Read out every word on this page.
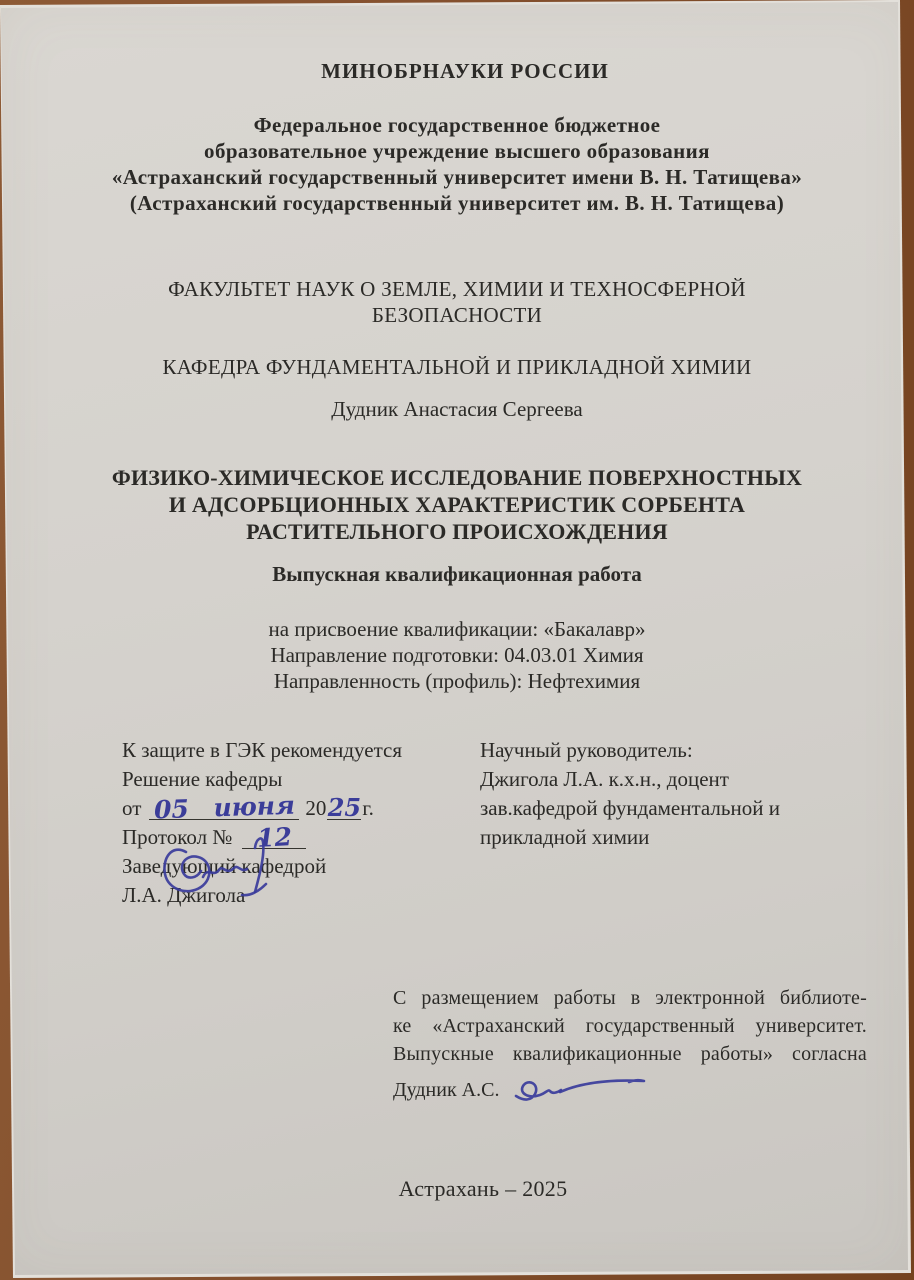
МИНОБРНАУКИ РОССИИ
Федеральное государственное бюджетное
образовательное учреждение высшего образования
«Астраханский государственный университет имени В. Н. Татищева»
(Астраханский государственный университет им. В. Н. Татищева)
ФАКУЛЬТЕТ НАУК О ЗЕМЛЕ, ХИМИИ И ТЕХНОСФЕРНОЙ
БЕЗОПАСНОСТИ
КАФЕДРА ФУНДАМЕНТАЛЬНОЙ И ПРИКЛАДНОЙ ХИМИИ
Дудник Анастасия Сергеева
ФИЗИКО-ХИМИЧЕСКОЕ ИССЛЕДОВАНИЕ ПОВЕРХНОСТНЫХ
И АДСОРБЦИОННЫХ ХАРАКТЕРИСТИК СОРБЕНТА
РАСТИТЕЛЬНОГО ПРОИСХОЖДЕНИЯ
Выпускная квалификационная работа
на присвоение квалификации: «Бакалавр»
Направление подготовки: 04.03.01 Химия
Направленность (профиль): Нефтехимия
К защите в ГЭК рекомендуется
Решение кафедры
от 05 июня 2025г.
Протокол № 12
Заведующий кафедрой
Л.А. Джигола
Научный руководитель:
Джигола Л.А. к.х.н., доцент
зав.кафедрой фундаментальной и
прикладной химии
С размещением работы в электронной библиоте-
ке «Астраханский государственный университет.
Выпускные квалификационные работы» согласна
Дудник А.С.
Астрахань – 2025
